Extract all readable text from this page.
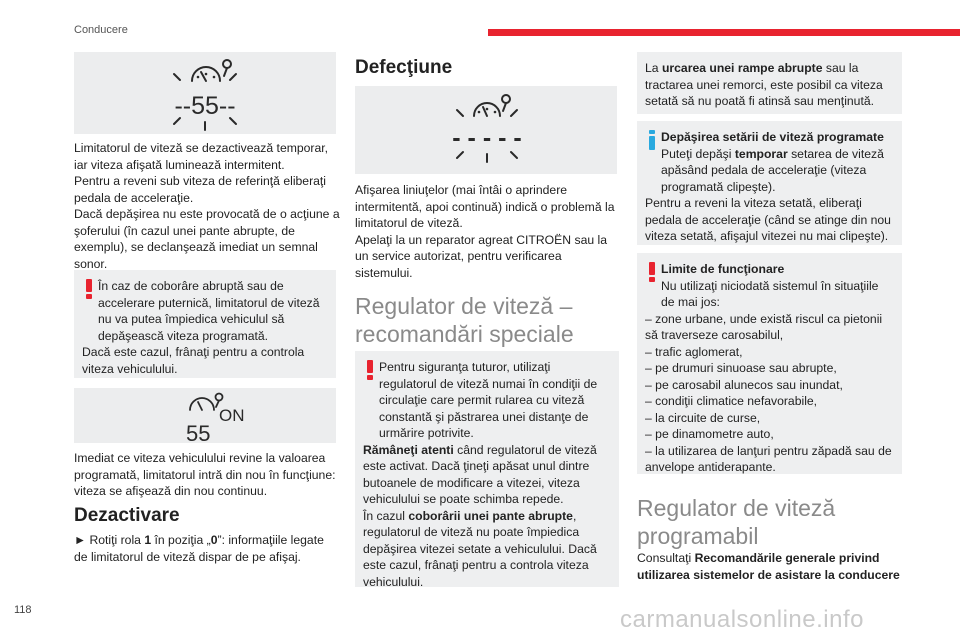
Conducere
--55--

Limitatorul de viteză se dezactivează temporar, iar viteza afişată luminează intermitent.

Pentru a reveni sub viteza de referinţă eliberaţi pedala de acceleraţie.

Dacă depăşirea nu este provocată de o acţiune a şoferului (în cazul unei pante abrupte, de exemplu), se declanşează imediat un semnal sonor.

În caz de coborâre abruptă sau de accelerare puternică, limitatorul de viteză nu va putea împiedica vehiculul să depăşească viteza programată.

Dacă este cazul, frânaţi pentru a controla viteza vehiculului.

ON
55

Imediat ce viteza vehiculului revine la valoarea programată, limitatorul intră din nou în funcţiune: viteza se afişează din nou continuu.

Dezactivare

► Rotiţi rola 1 în poziţia „0”: informaţiile legate de limitatorul de viteză dispar de pe afişaj.

Defecţiune
- - - - -

Afişarea liniuţelor (mai întâi o aprindere intermitentă, apoi continuă) indică o problemă la limitatorul de viteză.

Apelaţi la un reparator agreat CITROËN sau la un service autorizat, pentru verificarea sistemului.

Regulator de viteză – recomandări speciale

Pentru siguranţa tuturor, utilizaţi regulatorul de viteză numai în condiţii de circulaţie care permit rularea cu viteză constantă şi păstrarea unei distanţe de urmărire potrivite.

Rămâneţi atenti când regulatorul de viteză este activat. Dacă ţineţi apăsat unul dintre butoanele de modificare a vitezei, viteza vehiculului se poate schimba repede.

În cazul coborârii unei pante abrupte, regulatorul de viteză nu poate împiedica depăşirea vitezei setate a vehiculului. Dacă este cazul, frânaţi pentru a controla viteza vehiculului.

La urcarea unei rampe abrupte sau la tractarea unei remorci, este posibil ca viteza setată să nu poată fi atinsă sau menţinută.

Depăşirea setării de viteză programate

Puteţi depăşi temporar setarea de viteză apăsând pedala de acceleraţie (viteza programată clipeşte).

Pentru a reveni la viteza setată, eliberaţi pedala de acceleraţie (când se atinge din nou viteza setată, afişajul vitezei nu mai clipeşte).

Limite de funcţionare

Nu utilizaţi niciodată sistemul în situaţiile de mai jos:

– zone urbane, unde există riscul ca pietonii să traverseze carosabilul,

– trafic aglomerat,

– pe drumuri sinuoase sau abrupte,

– pe carosabil alunecos sau inundat,

– condiţii climatice nefavorabile,

– la circuite de curse,

– pe dinamometre auto,

– la utilizarea de lanţuri pentru zăpadă sau de anvelope antiderapante.

Regulator de viteză programabil

Consultaţi Recomandările generale privind utilizarea sistemelor de asistare la conducere

118	carmanualsonline.info
